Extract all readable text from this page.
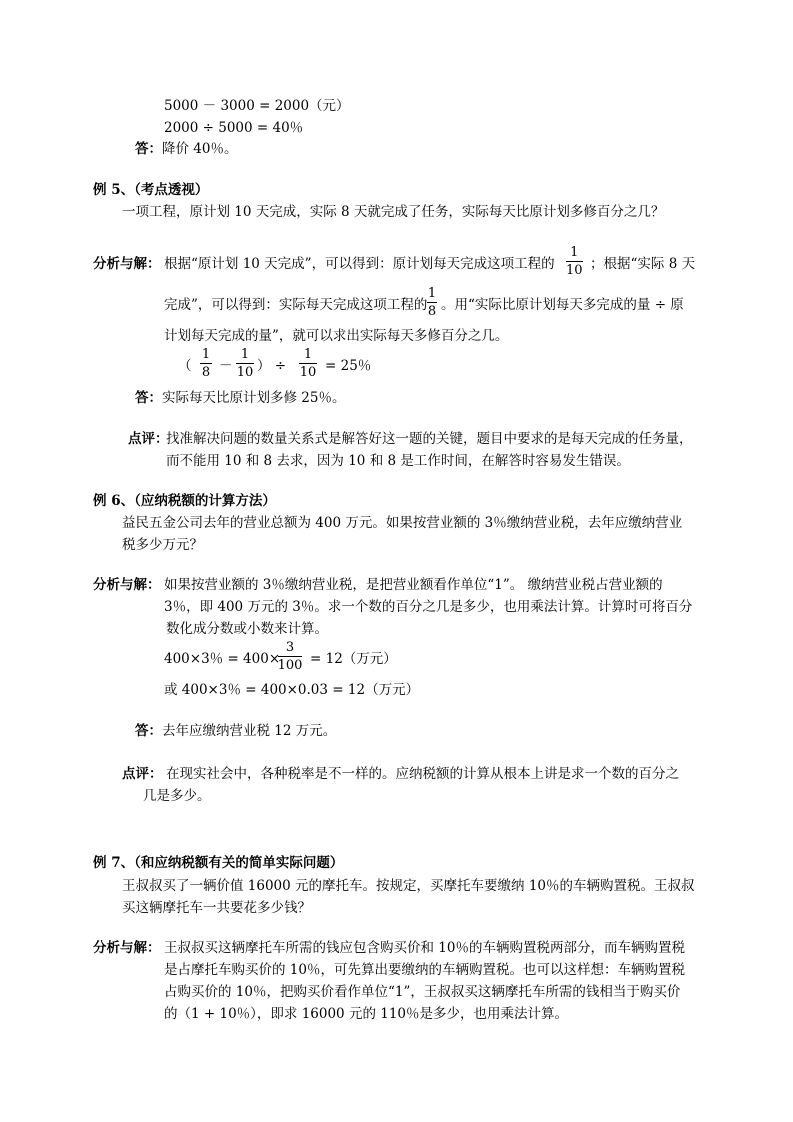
5000 － 3000 = 2000（元）
2000 ÷ 5000 = 40％
答：降价 40％。
例 5、（考点透视）
一项工程，原计划 10 天完成，实际 8 天就完成了任务，实际每天比原计划多修百分之几？
分析与解： 根据“原计划 10 天完成”，可以得到：原计划每天完成这项工程的
1
10 ；根据“实际 8 天
完成”，可以得到：实际每天完成这项工程的
1
8 。用“实际比原计划每天多完成的量 ÷ 原
计划每天完成的量”，就可以求出实际每天多修百分之几。
（
1
8 －
1
10 ） ÷
1
10 = 25％
答：实际每天比原计划多修 25％。
点评：
找准解决问题的数量关系式是解答好这一题的关键，题目中要求的是每天完成的任务量，
而不能用 10 和 8 去求，因为 10 和 8 是工作时间，在解答时容易发生错误。
例 6、（应纳税额的计算方法）
益民五金公司去年的营业总额为 400 万元。如果按营业额的 3％缴纳营业税，去年应缴纳营业
税多少万元？
分析与解： 如果按营业额的 3％缴纳营业税，是把营业额看作单位“1”。 缴纳营业税占营业额的
3％，即 400 万元的 3％。求一个数的百分之几是多少，也用乘法计算。计算时可将百分
数化成分数或小数来计算。
400×3％ = 400×
3
100 = 12（万元）
或 400×3％ = 400×0.03 = 12（万元）
答：去年应缴纳营业税 12 万元。
点评： 在现实社会中，各种税率是不一样的。应纳税额的计算从根本上讲是求一个数的百分之
几是多少。
例 7、（和应纳税额有关的简单实际问题）
王叔叔买了一辆价值 16000 元的摩托车。按规定，买摩托车要缴纳 10％的车辆购置税。王叔叔
买这辆摩托车一共要花多少钱？
分析与解： 王叔叔买这辆摩托车所需的钱应包含购买价和 10％的车辆购置税两部分，而车辆购置税
是占摩托车购买价的 10％，可先算出要缴纳的车辆购置税。也可以这样想：车辆购置税
占购买价的 10％，把购买价看作单位“1”，王叔叔买这辆摩托车所需的钱相当于购买价
的（1 + 10％），即求 16000 元的 110％是多少，也用乘法计算。
